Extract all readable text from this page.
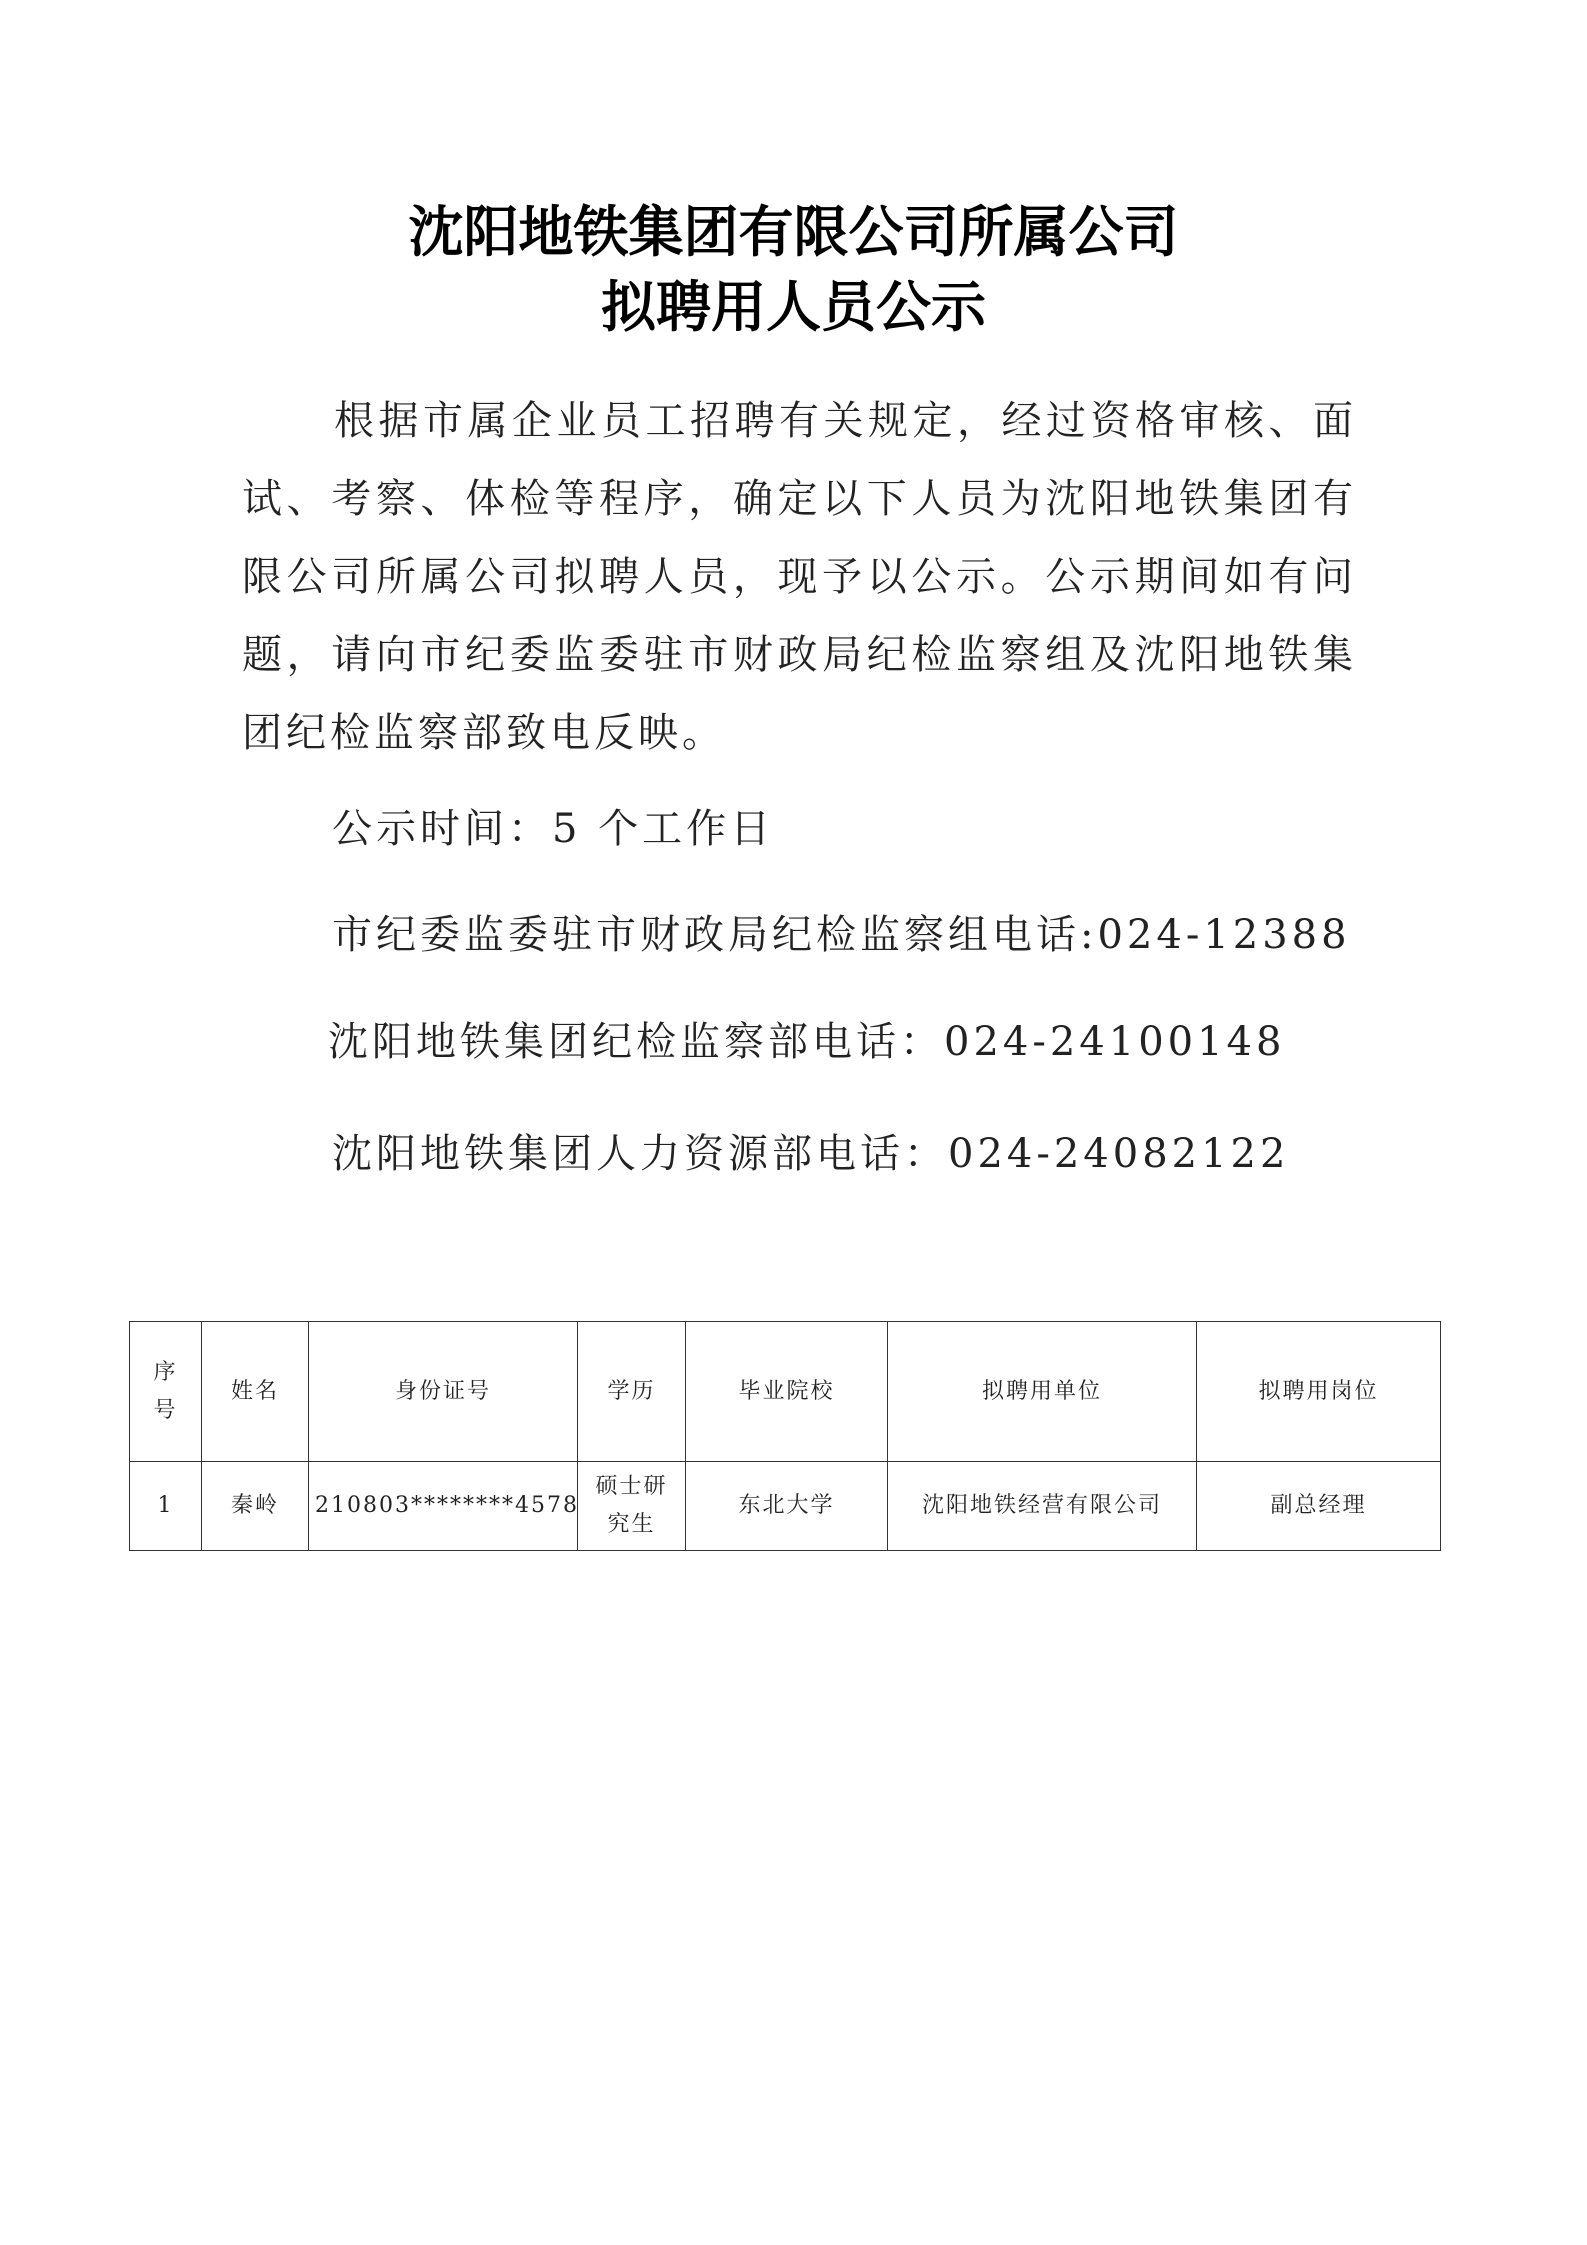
沈阳地铁集团有限公司所属公司
拟聘用人员公示
根据市属企业员工招聘有关规定，经过资格审核、面试、考察、体检等程序，确定以下人员为沈阳地铁集团有限公司所属公司拟聘人员，现予以公示。公示期间如有问题，请向市纪委监委驻市财政局纪检监察组及沈阳地铁集团纪检监察部致电反映。
公示时间：5 个工作日
市纪委监委驻市财政局纪检监察组电话:024-12388
沈阳地铁集团纪检监察部电话：024-24100148
沈阳地铁集团人力资源部电话：024-24082122
序号	姓名	身份证号	学历	毕业院校	拟聘用单位	拟聘用岗位
1	秦岭	210803********4578	硕士研究生	东北大学	沈阳地铁经营有限公司	副总经理
